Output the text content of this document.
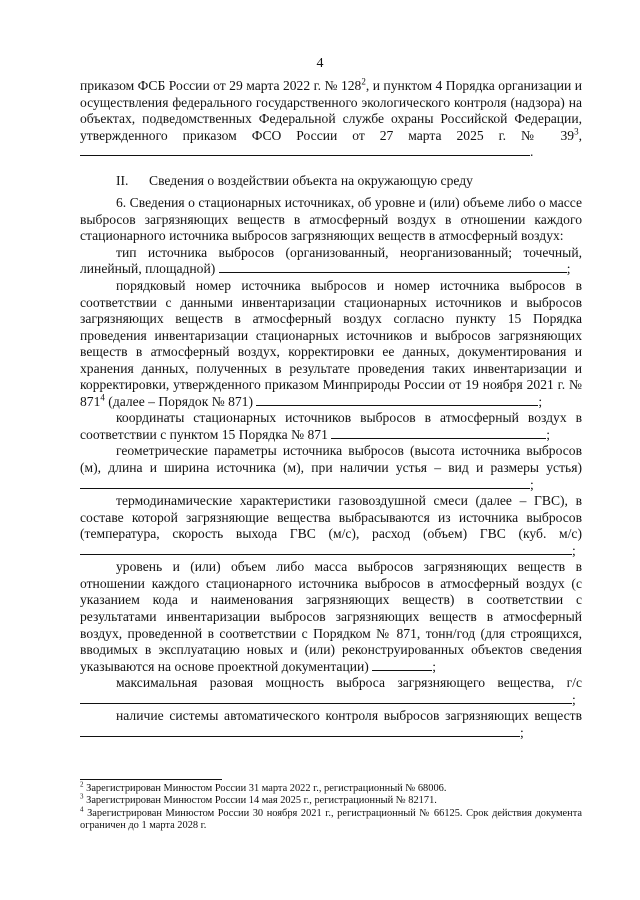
4

приказом ФСБ России от 29 марта 2022 г. № $128^2$, и пунктом 4 Порядка организации и осуществления федерального государственного экологического контроля (надзора) на объектах, подведомственных Федеральной службе охраны Российской Федерации, утвержденного приказом ФСО России от 27 марта 2025 г. № $39^3$, .

II. Сведения о воздействии объекта на окружающую среду

6. Сведения о стационарных источниках, об уровне и (или) объеме либо о массе выбросов загрязняющих веществ в атмосферный воздух в отношении каждого стационарного источника выбросов загрязняющих веществ в атмосферный воздух:

тип источника выбросов (организованный, неорганизованный; точечный, линейный, площадной)	;

порядковый номер источника выбросов и номер источника выбросов в соответствии с данными инвентаризации стационарных источников и выбросов загрязняющих веществ в атмосферный воздух согласно пункту 15 Порядка проведения инвентаризации стационарных источников и выбросов загрязняющих веществ в атмосферный воздух, корректировки ее данных, документирования и хранения данных, полученных в результате проведения таких инвентаризации и корректировки, утвержденного приказом Минприроды России от 19 ноября 2021 г. № $871^4$ (далее – Порядок № 871)	;

координаты стационарных источников выбросов в атмосферный воздух в соответствии с пунктом 15 Порядка № 871	;

геометрические параметры источника выбросов (высота источника выбросов (м), длина и ширина источника (м), при наличии устья – вид и размеры устья) ;

термодинамические характеристики газовоздушной смеси (далее – ГВС), в составе которой загрязняющие вещества выбрасываются из источника выбросов (температура, скорость выхода ГВС (м/с), расход (объем) ГВС (куб. м/с) ;

уровень и (или) объем либо масса выбросов загрязняющих веществ в отношении каждого стационарного источника выбросов в атмосферный воздух (с указанием кода и наименования загрязняющих веществ) в соответствии с результатами инвентаризации выбросов загрязняющих веществ в атмосферный воздух, проведенной в соответствии с Порядком № 871, тонн/год (для строящихся, вводимых в эксплуатацию новых и (или) реконструированных объектов сведения указываются на основе проектной документации)	;

максимальная разовая мощность выброса загрязняющего вещества, г/с ;

наличие системы автоматического контроля выбросов загрязняющих веществ ;

$^2$ Зарегистрирован Минюстом России 31 марта 2022 г., регистрационный № 68006.

$^3$ Зарегистрирован Минюстом России 14 мая 2025 г., регистрационный № 82171.

$^4$ Зарегистрирован Минюстом России 30 ноября 2021 г., регистрационный № 66125. Срок действия документа ограничен до 1 марта 2028 г.
